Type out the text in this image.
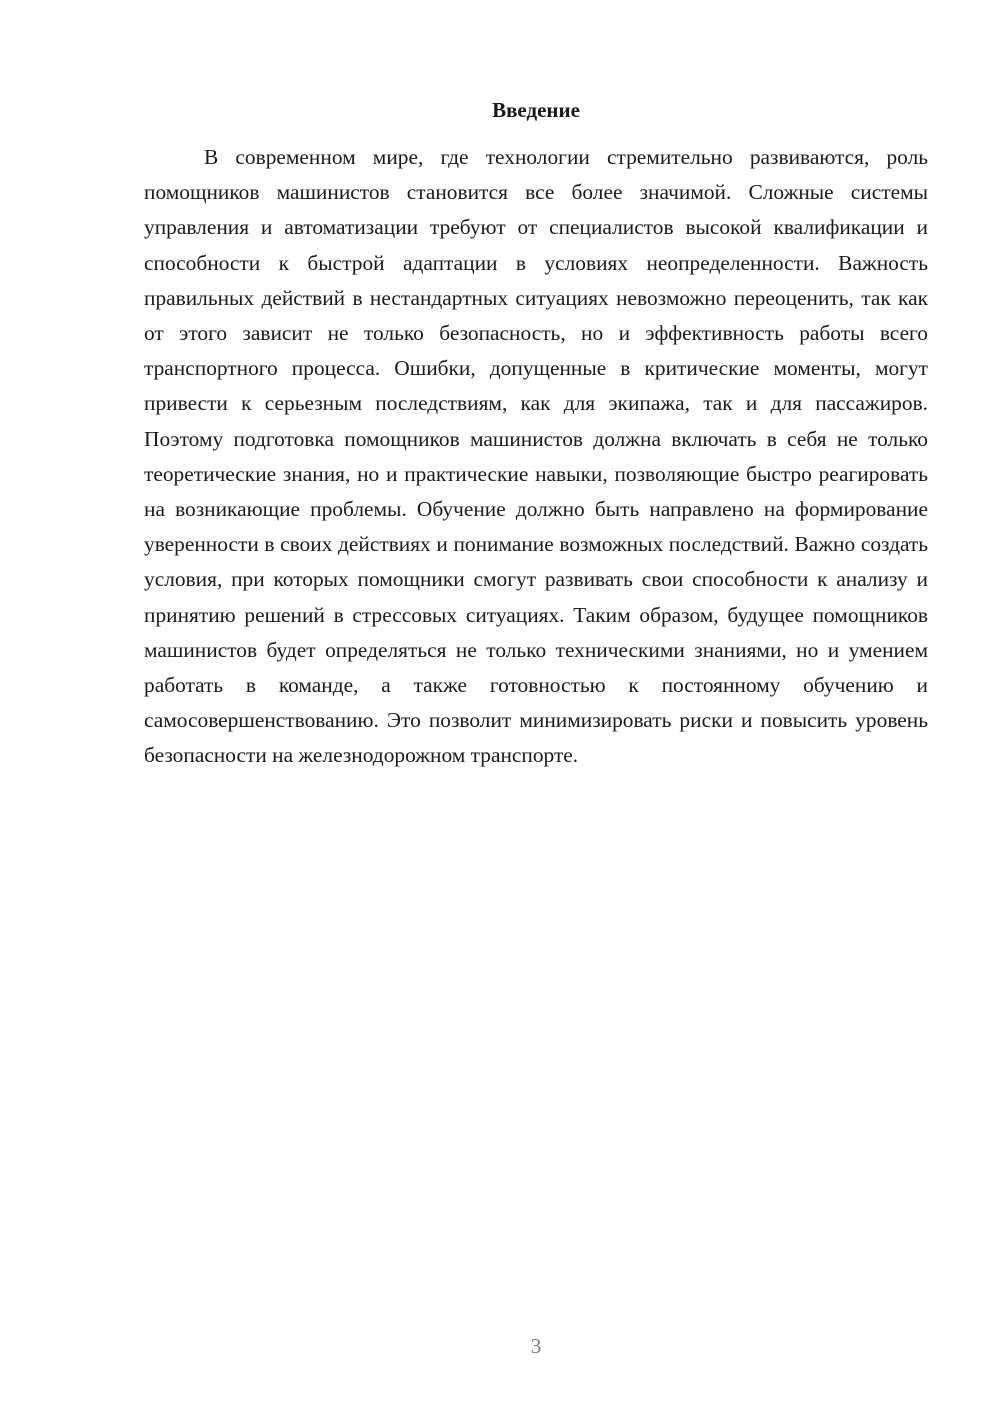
Введение

В современном мире, где технологии стремительно развиваются, роль помощников машинистов становится все более значимой. Сложные системы управления и автоматизации требуют от специалистов высокой квалификации и способности к быстрой адаптации в условиях неопределенности. Важность правильных действий в нестандартных ситуациях невозможно переоценить, так как от этого зависит не только безопасность, но и эффективность работы всего транспортного процесса. Ошибки, допущенные в критические моменты, могут привести к серьезным последствиям, как для экипажа, так и для пассажиров. Поэтому подготовка помощников машинистов должна включать в себя не только теоретические знания, но и практические навыки, позволяющие быстро реагировать на возникающие проблемы. Обучение должно быть направлено на формирование уверенности в своих действиях и понимание возможных последствий. Важно создать условия, при которых помощники смогут развивать свои способности к анализу и принятию решений в стрессовых ситуациях. Таким образом, будущее помощников машинистов будет определяться не только техническими знаниями, но и умением работать в команде, а также готовностью к постоянному обучению и самосовершенствованию. Это позволит минимизировать риски и повысить уровень безопасности на железнодорожном транспорте.

3
